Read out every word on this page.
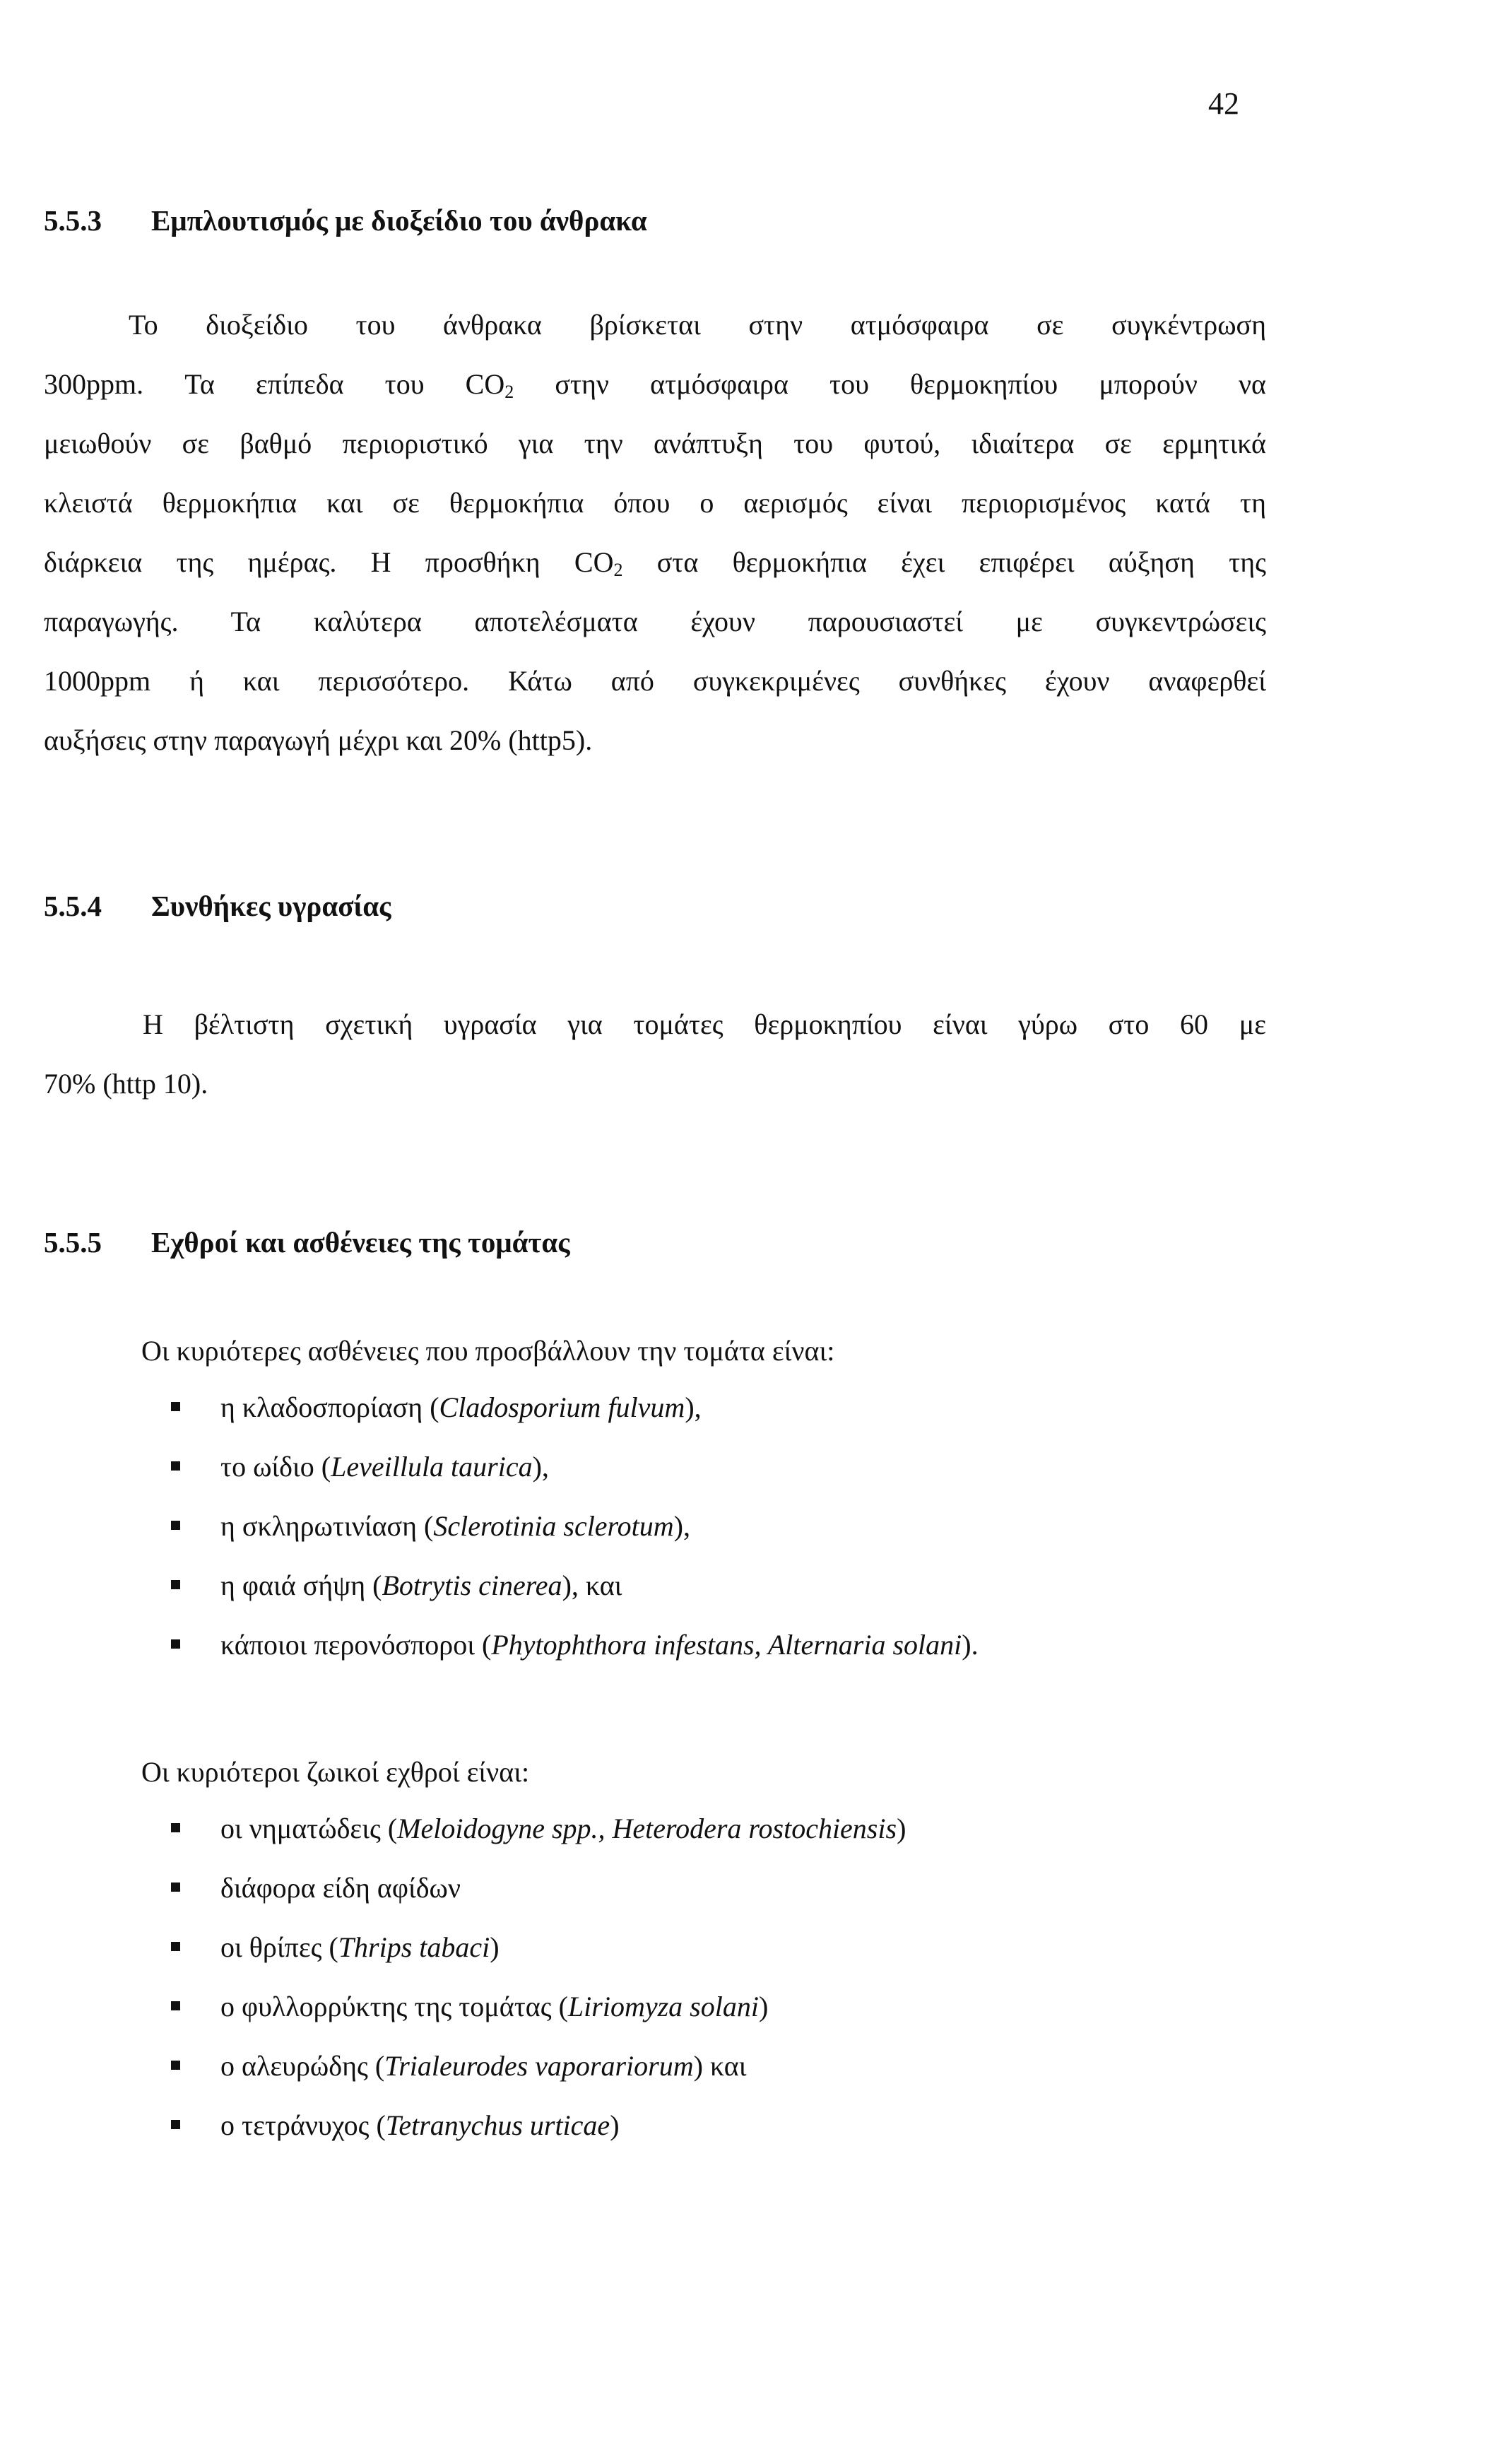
42
5.5.3 Εμπλουτισμός με διοξείδιο του άνθρακα
Το διοξείδιο του άνθρακα βρίσκεται στην ατμόσφαιρα σε συγκέντρωση
300ppm. Τα επίπεδα του $CO_2$ στην ατμόσφαιρα του θερμοκηπίου μπορούν να
μειωθούν σε βαθμό περιοριστικό για την ανάπτυξη του φυτού, ιδιαίτερα σε ερμητικά
κλειστά θερμοκήπια και σε θερμοκήπια όπου ο αερισμός είναι περιορισμένος κατά τη
διάρκεια της ημέρας. Η προσθήκη $CO_2$ στα θερμοκήπια έχει επιφέρει αύξηση της
παραγωγής. Τα καλύτερα αποτελέσματα έχουν παρουσιαστεί με συγκεντρώσεις
1000ppm ή και περισσότερο. Κάτω από συγκεκριμένες συνθήκες έχουν αναφερθεί
αυξήσεις στην παραγωγή μέχρι και 20% (http5).
5.5.4 Συνθήκες υγρασίας
Η βέλτιστη σχετική υγρασία για τομάτες θερμοκηπίου είναι γύρω στο 60 με
70% (http 10).
5.5.5 Εχθροί και ασθένειες της τομάτας
Οι κυριότερες ασθένειες που προσβάλλουν την τομάτα είναι:
η κλαδοσπορίαση (Cladosporium fulvum),
το ωίδιο (Leveillula taurica),
η σκληρωτινίαση (Sclerotinia sclerotum),
η φαιά σήψη (Botrytis cinerea), και
κάποιοι περονόσποροι (Phytophthora infestans, Alternaria solani).
Οι κυριότεροι ζωικοί εχθροί είναι:
οι νηματώδεις (Meloidogyne spp., Heterodera rostochiensis)
διάφορα είδη αφίδων
οι θρίπες (Thrips tabaci)
ο φυλλορρύκτης της τομάτας (Liriomyza solani)
ο αλευρώδης (Trialeurodes vaporariorum) και
ο τετράνυχος (Tetranychus urticae)
